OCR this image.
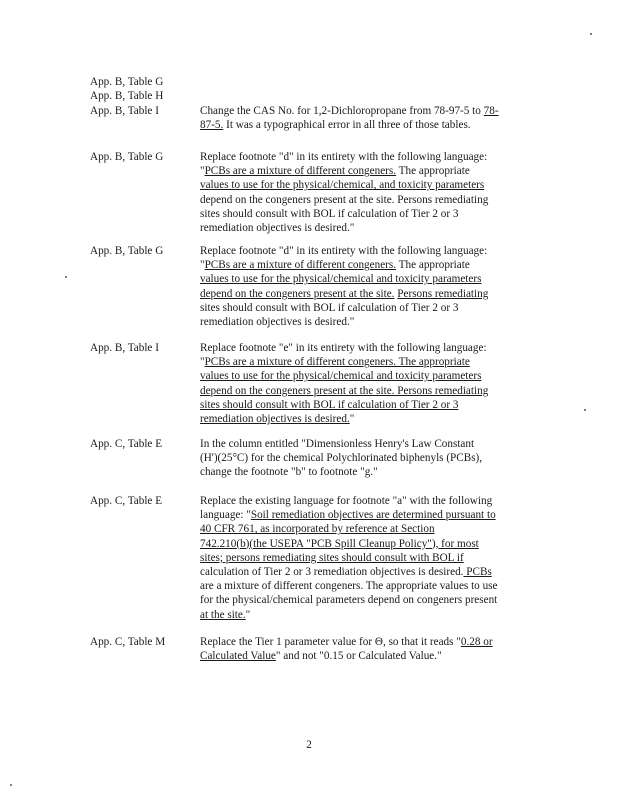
App. B, Table G
App. B, Table H
App. B, Table I	Change the CAS No. for 1,2-Dichloropropane from 78-97-5 to 78-
87-5. It was a typographical error in all three of those tables.
App. B, Table G	Replace footnote "d" in its entirety with the following language:
"PCBs are a mixture of different congeners. The appropriate
values to use for the physical/chemical, and toxicity parameters
depend on the congeners present at the site. Persons remediating
sites should consult with BOL if calculation of Tier 2 or 3
remediation objectives is desired."
App. B, Table G	Replace footnote "d" in its entirety with the following language:
"PCBs are a mixture of different congeners. The appropriate
values to use for the physical/chemical and toxicity parameters
depend on the congeners present at the site. Persons remediating
sites should consult with BOL if calculation of Tier 2 or 3
remediation objectives is desired."
App. B, Table I	Replace footnote "e" in its entirety with the following language:
"PCBs are a mixture of different congeners. The appropriate
values to use for the physical/chemical and toxicity parameters
depend on the congeners present at the site. Persons remediating
sites should consult with BOL if calculation of Tier 2 or 3
remediation objectives is desired."
App. C, Table E	In the column entitled "Dimensionless Henry's Law Constant
(H')(25°C) for the chemical Polychlorinated biphenyls (PCBs),
change the footnote "b" to footnote "g."
App. C, Table E	Replace the existing language for footnote "a" with the following
language: "Soil remediation objectives are determined pursuant to
40 CFR 761, as incorporated by reference at Section
742.210(b)(the USEPA "PCB Spill Cleanup Policy"), for most
sites; persons remediating sites should consult with BOL if
calculation of Tier 2 or 3 remediation objectives is desired. PCBs
are a mixture of different congeners. The appropriate values to use
for the physical/chemical parameters depend on congeners present
at the site."
App. C, Table M	Replace the Tier 1 parameter value for Θ, so that it reads "0.28 or
Calculated Value" and not "0.15 or Calculated Value."
2
